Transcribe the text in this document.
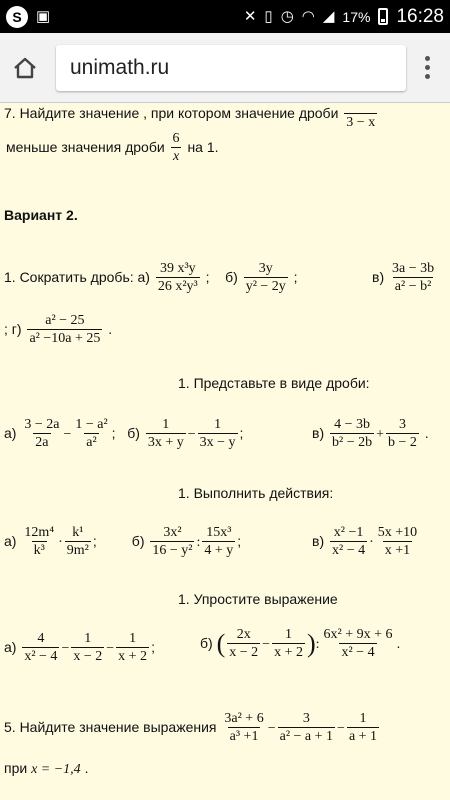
S ▣	✕ ▯ ◷ ◠ ◢ 17% 16:28
unimath.ru
7. Найдите значение , при котором значение дроби

3 − x
меньше значения дроби $\frac{6}{x}$ на 1.
Вариант 2.
1. Сократить дробь: $а) \frac{\text{39 x³y}}{\text{26 x²y³}}$ ; $б) \frac{3y}{\text{y² − 2y}}$ ;	$в) \frac{3a - 3b}{\text{a² − b²}}$
; $г) \frac{\text{a² − 25}}{\text{a² −10a + 25}}$ .
1. Представьте в виде дроби:
$а) \frac{3 - 2a}{2a} - \frac{\text{1 − a²}}{\text{a²}}$ ; $б) \frac{1}{3x + y} - \frac{1}{3x - y}$ ;	$в) \frac{4 - 3b}{\text{b² − 2b}} + \frac{3}{b - 2}$ .
1. Выполнить действия:
$а) \frac{\text{12m⁴}}{\text{k³}} \cdot \frac{\text{k¹}}{\text{9m²}}$ ;	$б) \frac{\text{3x²}}{\text{16 − y²}}$ : $\frac{\text{15x³}}{4 + y}$ ;	$в) \frac{\text{x² −1}}{\text{x² − 4}} \cdot \frac{5x +10}{x +1}$
1. Упростите выражение
$а) \frac{4}{\text{x² − 4}} - \frac{1}{x - 2} - \frac{1}{x + 2}$ ;	б) ( $\frac{2x}{x - 2} - \frac{1}{x + 2}$ ): $\frac{\text{6x² + 9x + 6}}{\text{x² − 4}}$ .
5. Найдите значение выражения $\frac{\text{3a² + 6}}{\text{a³ +1}} - \frac{3}{\text{a² − a + 1}} - \frac{1}{a + 1}$
при x = −1,4 .
